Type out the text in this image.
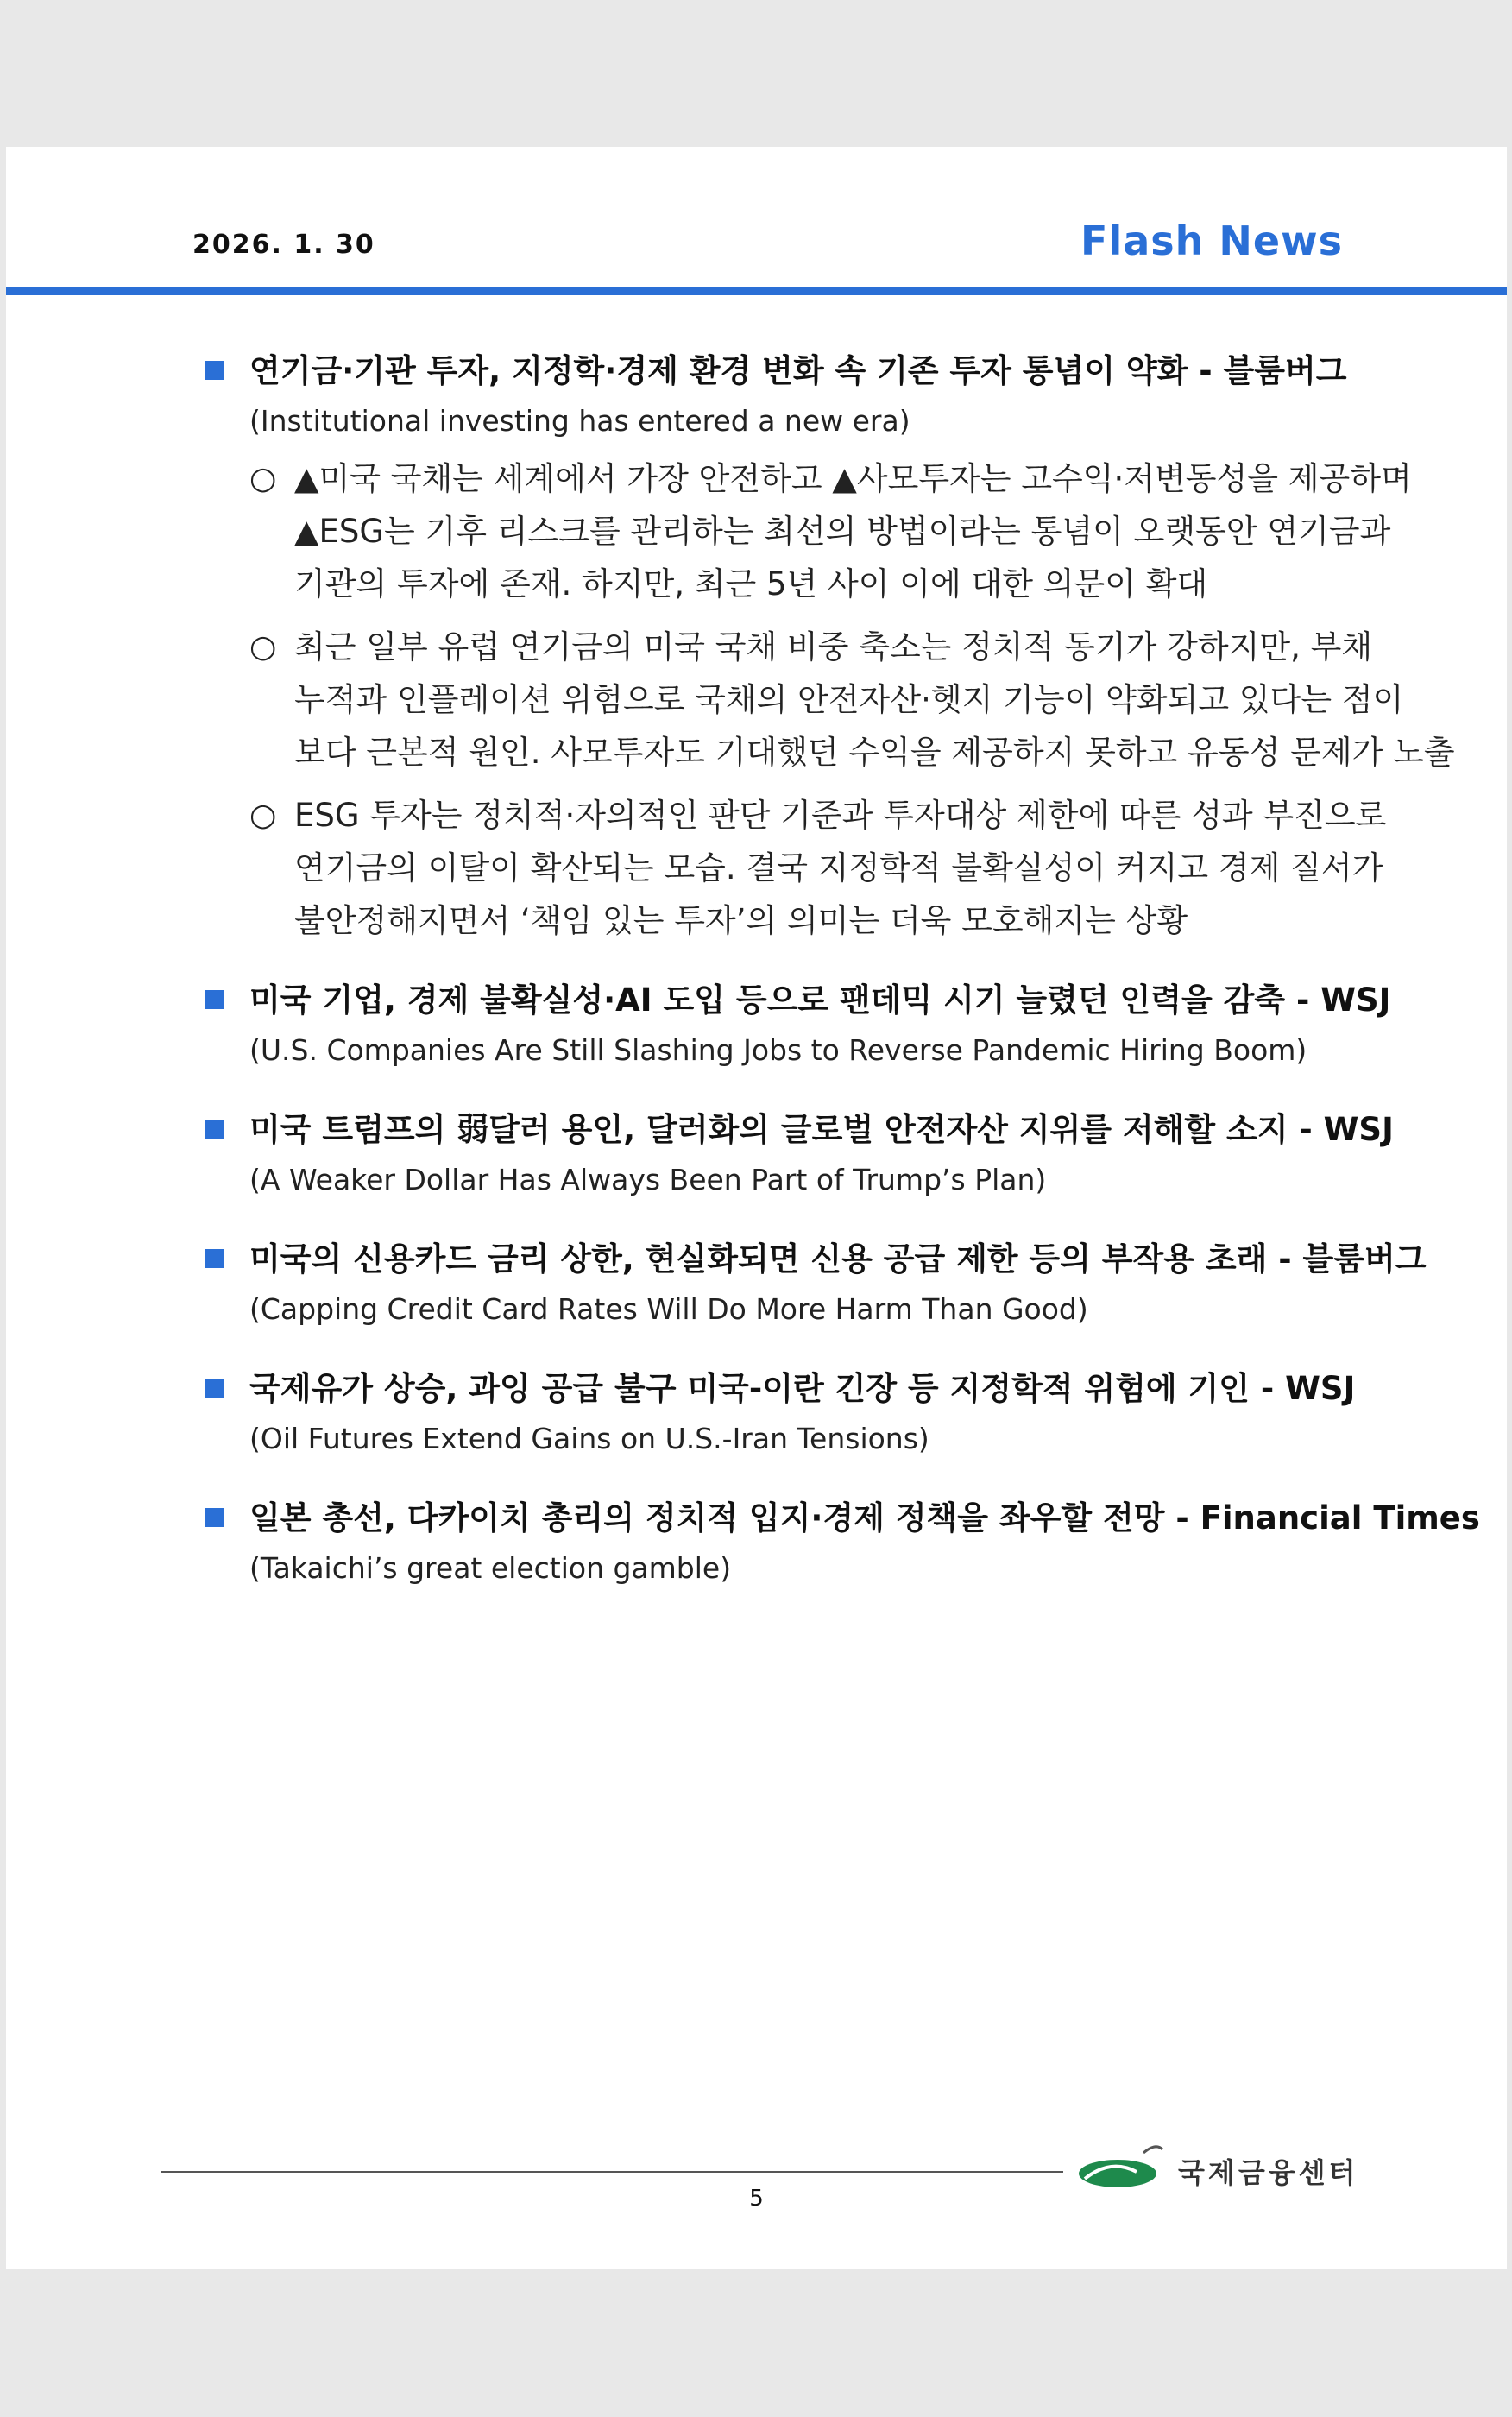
2026. 1. 30	Flash News
연기금·기관 투자, 지정학·경제 환경 변화 속 기존 투자 통념이 약화 - 블룸버그
(Institutional investing has entered a new era)
○ ▲미국 국채는 세계에서 가장 안전하고 ▲사모투자는 고수익·저변동성을 제공하며
▲ESG는 기후 리스크를 관리하는 최선의 방법이라는 통념이 오랫동안 연기금과
기관의 투자에 존재. 하지만, 최근 5년 사이 이에 대한 의문이 확대
○ 최근 일부 유럽 연기금의 미국 국채 비중 축소는 정치적 동기가 강하지만, 부채
누적과 인플레이션 위험으로 국채의 안전자산·헷지 기능이 약화되고 있다는 점이
보다 근본적 원인. 사모투자도 기대했던 수익을 제공하지 못하고 유동성 문제가 노출
○ ESG 투자는 정치적·자의적인 판단 기준과 투자대상 제한에 따른 성과 부진으로
연기금의 이탈이 확산되는 모습. 결국 지정학적 불확실성이 커지고 경제 질서가
불안정해지면서 ‘책임 있는 투자’의 의미는 더욱 모호해지는 상황
미국 기업, 경제 불확실성·AI 도입 등으로 팬데믹 시기 늘렸던 인력을 감축 - WSJ
(U.S. Companies Are Still Slashing Jobs to Reverse Pandemic Hiring Boom)
미국 트럼프의 弱달러 용인, 달러화의 글로벌 안전자산 지위를 저해할 소지 - WSJ
(A Weaker Dollar Has Always Been Part of Trump’s Plan)
미국의 신용카드 금리 상한, 현실화되면 신용 공급 제한 등의 부작용 초래 - 블룸버그
(Capping Credit Card Rates Will Do More Harm Than Good)
국제유가 상승, 과잉 공급 불구 미국-이란 긴장 등 지정학적 위험에 기인 - WSJ
(Oil Futures Extend Gains on U.S.-Iran Tensions)
일본 총선, 다카이치 총리의 정치적 입지·경제 정책을 좌우할 전망 - Financial Times
(Takaichi’s great election gamble)
국제금융센터
5
